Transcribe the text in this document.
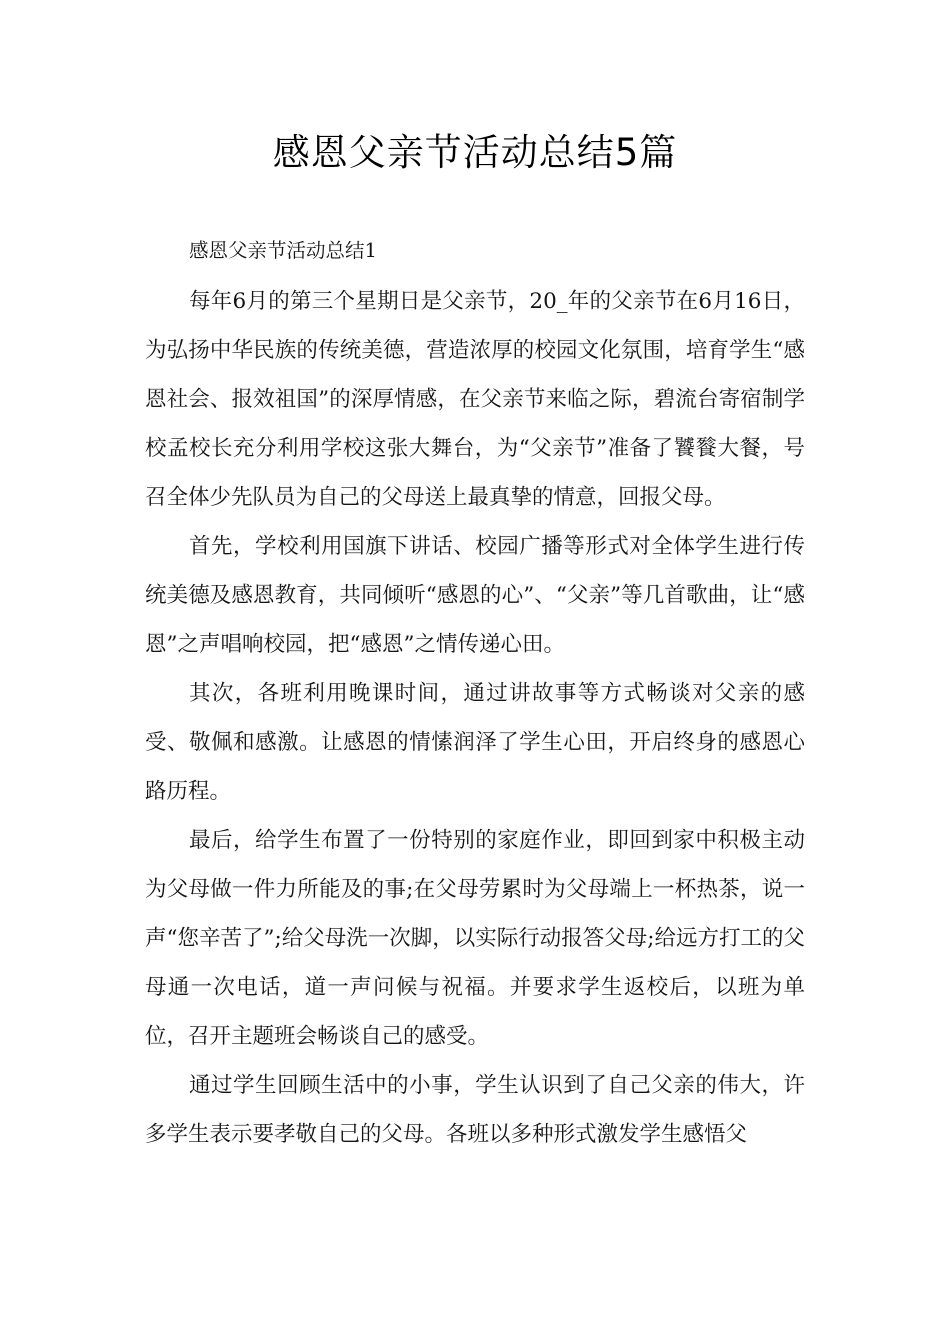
感恩父亲节活动总结5篇

感恩父亲节活动总结1

每年6月的第三个星期日是父亲节，20_年的父亲节在6月16日，为弘扬中华民族的传统美德，营造浓厚的校园文化氛围，培育学生“感恩社会、报效祖国”的深厚情感，在父亲节来临之际，碧流台寄宿制学校孟校长充分利用学校这张大舞台，为“父亲节”准备了饕餮大餐，号召全体少先队员为自己的父母送上最真挚的情意，回报父母。

首先，学校利用国旗下讲话、校园广播等形式对全体学生进行传统美德及感恩教育，共同倾听“感恩的心”、“父亲”等几首歌曲，让“感恩”之声唱响校园，把“感恩”之情传递心田。

其次，各班利用晚课时间，通过讲故事等方式畅谈对父亲的感受、敬佩和感激。让感恩的情愫润泽了学生心田，开启终身的感恩心路历程。

最后，给学生布置了一份特别的家庭作业，即回到家中积极主动为父母做一件力所能及的事;在父母劳累时为父母端上一杯热茶，说一声“您辛苦了”;给父母洗一次脚，以实际行动报答父母;给远方打工的父母通一次电话，道一声问候与祝福。并要求学生返校后，以班为单位，召开主题班会畅谈自己的感受。

通过学生回顾生活中的小事，学生认识到了自己父亲的伟大，许多学生表示要孝敬自己的父母。各班以多种形式激发学生感悟父
